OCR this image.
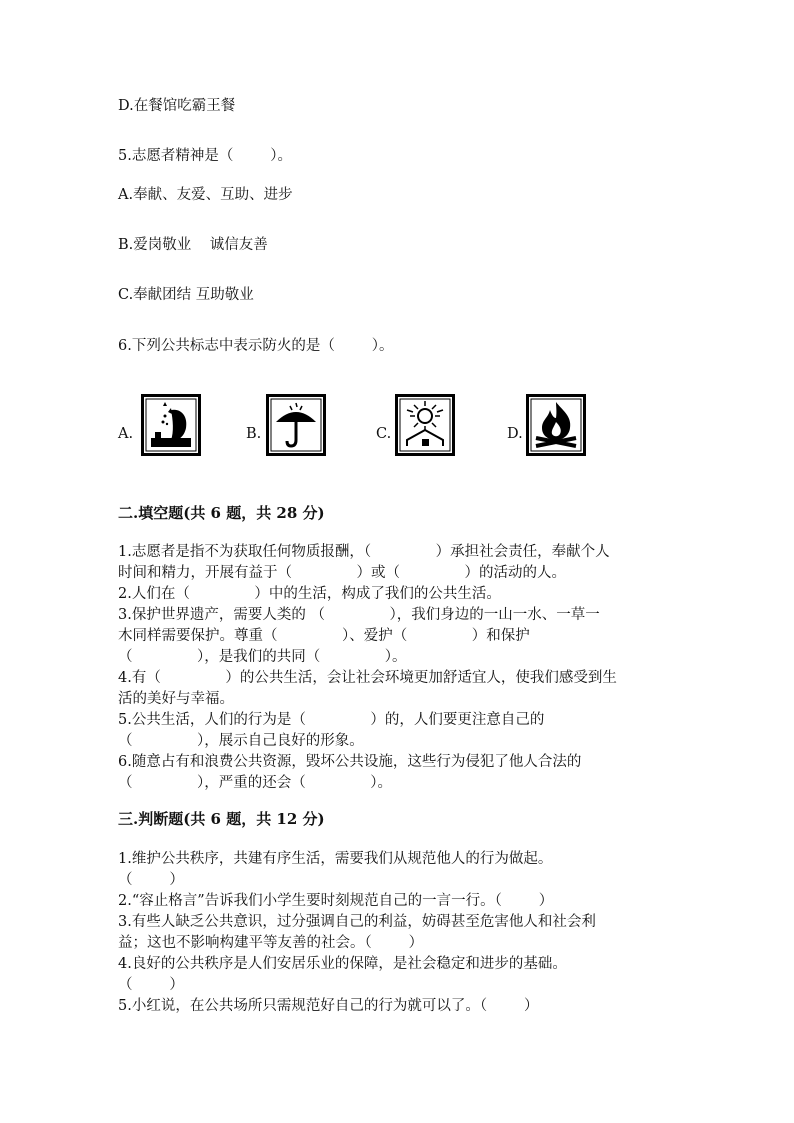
D.在餐馆吃霸王餐
5.志愿者精神是（        ）。
A.奉献、友爱、互助、进步
B.爱岗敬业    诚信友善
C.奉献团结 互助敬业
6.下列公共标志中表示防火的是（        ）。
A.	B.	C.	D.
二.填空题(共 6 题，共 28 分)
1.志愿者是指不为获取任何物质报酬，（              ）承担社会责任，奉献个人
时间和精力，开展有益于（              ）或（              ）的活动的人。
2.人们在（              ）中的生活，构成了我们的公共生活。
3.保护世界遗产，需要人类的 （              ），我们身边的一山一水、一草一
木同样需要保护。尊重（              ）、爱护（              ）和保护
（              ），是我们的共同（              ）。
4.有（              ）的公共生活，会让社会环境更加舒适宜人，使我们感受到生
活的美好与幸福。
5.公共生活，人们的行为是（              ）的，人们要更注意自己的
（              ），展示自己良好的形象。
6.随意占有和浪费公共资源，毁坏公共设施，这些行为侵犯了他人合法的
（              ），严重的还会（              ）。
三.判断题(共 6 题，共 12 分)
1.维护公共秩序，共建有序生活，需要我们从规范他人的行为做起。
（        ）
2.“容止格言”告诉我们小学生要时刻规范自己的一言一行。（        ）
3.有些人缺乏公共意识，过分强调自己的利益，妨碍甚至危害他人和社会利
益；这也不影响构建平等友善的社会。（        ）
4.良好的公共秩序是人们安居乐业的保障，是社会稳定和进步的基础。
（        ）
5.小红说，在公共场所只需规范好自己的行为就可以了。（        ）
